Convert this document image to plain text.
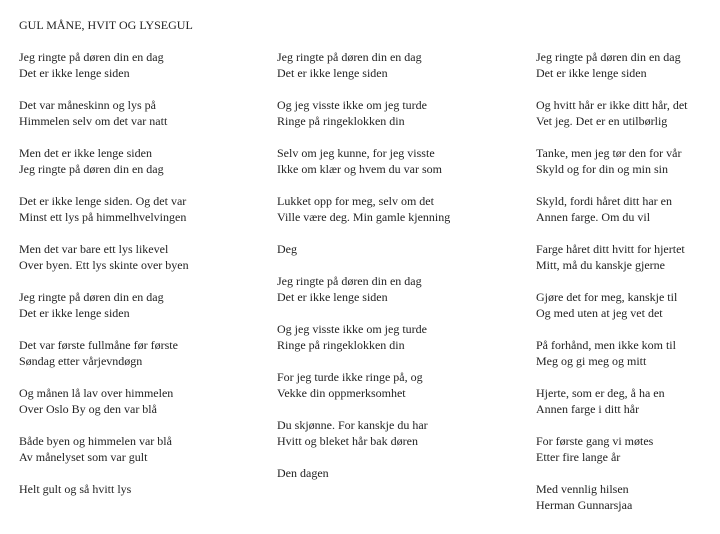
GUL MÅNE, HVIT OG LYSEGUL
Jeg ringte på døren din en dag
Det er ikke lenge siden
Det var måneskinn og lys på
Himmelen selv om det var natt
Men det er ikke lenge siden
Jeg ringte på døren din en dag
Det er ikke lenge siden. Og det var
Minst ett lys på himmelhvelvingen
Men det var bare ett lys likevel
Over byen. Ett lys skinte over byen
Jeg ringte på døren din en dag
Det er ikke lenge siden
Det var første fullmåne før første
Søndag etter vårjevndøgn
Og månen lå lav over himmelen
Over Oslo By og den var blå
Både byen og himmelen var blå
Av månelyset som var gult
Helt gult og så hvitt lys
Jeg ringte på døren din en dag
Det er ikke lenge siden
Og jeg visste ikke om jeg turde
Ringe på ringeklokken din
Selv om jeg kunne, for jeg visste
Ikke om klær og hvem du var som
Lukket opp for meg, selv om det
Ville være deg. Min gamle kjenning
Deg
Jeg ringte på døren din en dag
Det er ikke lenge siden
Og jeg visste ikke om jeg turde
Ringe på ringeklokken din
For jeg turde ikke ringe på, og
Vekke din oppmerksomhet
Du skjønne. For kanskje du har
Hvitt og bleket hår bak døren
Den dagen
Jeg ringte på døren din en dag
Det er ikke lenge siden
Og hvitt hår er ikke ditt hår, det
Vet jeg. Det er en utilbørlig
Tanke, men jeg tør den for vår
Skyld og for din og min sin
Skyld, fordi håret ditt har en
Annen farge. Om du vil
Farge håret ditt hvitt for hjertet
Mitt, må du kanskje gjerne
Gjøre det for meg, kanskje til
Og med uten at jeg vet det
På forhånd, men ikke kom til
Meg og gi meg og mitt
Hjerte, som er deg, å ha en
Annen farge i ditt hår
For første gang vi møtes
Etter fire lange år
Med vennlig hilsen
Herman Gunnarsjaa
